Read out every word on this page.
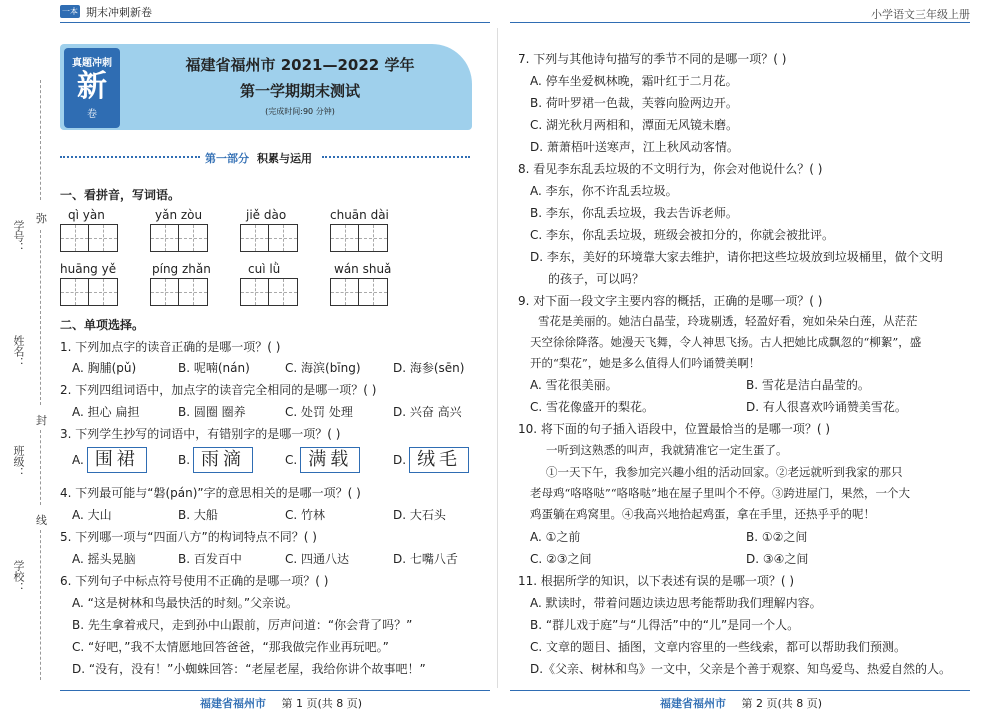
一本 期末冲刺新卷	小学语文三年级上册
学号：
姓名：
班级：
学校：
弥
封
线
真题冲刺
新
卷
福建省福州市 2021—2022 学年
第一学期期末测试
(完成时间:90 分钟)
第一部分 积累与运用
一、看拼音，写词语。
qì yàn	yǎn zòu	jiě dào	chuān dài
huāng yě	píng zhǎn	cuì lǜ	wán shuǎ
二、单项选择。
1. 下列加点字的读音正确的是哪一项？( )
A. 胸脯(pǔ)	B. 呢喃(nán)	C. 海滨(bīng)	D. 海参(sēn)
2. 下列四组词语中，加点字的读音完全相同的是哪一项？( )
A. 担心 扁担	B. 圆圈 圈养	C. 处罚 处理	D. 兴奋 高兴
3. 下列学生抄写的词语中，有错别字的是哪一项？( )
A. 围裙	B. 雨滴	C. 满载	D. 绒毛
4. 下列最可能与“磐(pán)”字的意思相关的是哪一项？( )
A. 大山	B. 大船	C. 竹林	D. 大石头
5. 下列哪一项与“四面八方”的构词特点不同？( )
A. 摇头晃脑	B. 百发百中	C. 四通八达	D. 七嘴八舌
6. 下列句子中标点符号使用不正确的是哪一项？( )
A. “这是树林和鸟最快活的时刻。”父亲说。
B. 先生拿着戒尺，走到孙中山跟前，厉声问道：“你会背了吗？”
C. “好吧，”我不太情愿地回答爸爸，“那我做完作业再玩吧。”
D. “没有，没有！”小蜘蛛回答：“老屋老屋，我给你讲个故事吧！”
7. 下列与其他诗句描写的季节不同的是哪一项？( )
A. 停车坐爱枫林晚，霜叶红于二月花。
B. 荷叶罗裙一色裁，芙蓉向脸两边开。
C. 湖光秋月两相和，潭面无风镜未磨。
D. 萧萧梧叶送寒声，江上秋风动客情。
8. 看见李东乱丢垃圾的不文明行为，你会对他说什么？( )
A. 李东，你不许乱丢垃圾。
B. 李东，你乱丢垃圾，我去告诉老师。
C. 李东，你乱丢垃圾，班级会被扣分的，你就会被批评。
D. 李东，美好的环境靠大家去维护，请你把这些垃圾放到垃圾桶里，做个文明
的孩子，可以吗？
9. 对下面一段文字主要内容的概括，正确的是哪一项？( )
雪花是美丽的。她洁白晶莹，玲珑剔透，轻盈好看，宛如朵朵白莲，从茫茫
天空徐徐降落。她漫天飞舞，令人神思飞扬。古人把她比成飘忽的“柳絮”，盛
开的“梨花”，她是多么值得人们吟诵赞美啊！
A. 雪花很美丽。	B. 雪花是洁白晶莹的。
C. 雪花像盛开的梨花。	D. 有人很喜欢吟诵赞美雪花。
10. 将下面的句子插入语段中，位置最恰当的是哪一项？( )
一听到这熟悉的叫声，我就猜准它一定生蛋了。
①一天下午，我参加完兴趣小组的活动回家。②老远就听到我家的那只
老母鸡“咯咯哒”“咯咯哒”地在屋子里叫个不停。③跨进屋门，果然，一个大
鸡蛋躺在鸡窝里。④我高兴地拾起鸡蛋，拿在手里，还热乎乎的呢！
A. ①之前	B. ①②之间
C. ②③之间	D. ③④之间
11. 根据所学的知识，以下表述有误的是哪一项？( )
A. 默读时，带着问题边读边思考能帮助我们理解内容。
B. “群儿戏于庭”与“儿得活”中的“儿”是同一个人。
C. 文章的题目、插图，文章内容里的一些线索，都可以帮助我们预测。
D.《父亲、树林和鸟》一文中，父亲是个善于观察、知鸟爱鸟、热爱自然的人。
福建省福州市 第 1 页(共 8 页)	福建省福州市 第 2 页(共 8 页)
